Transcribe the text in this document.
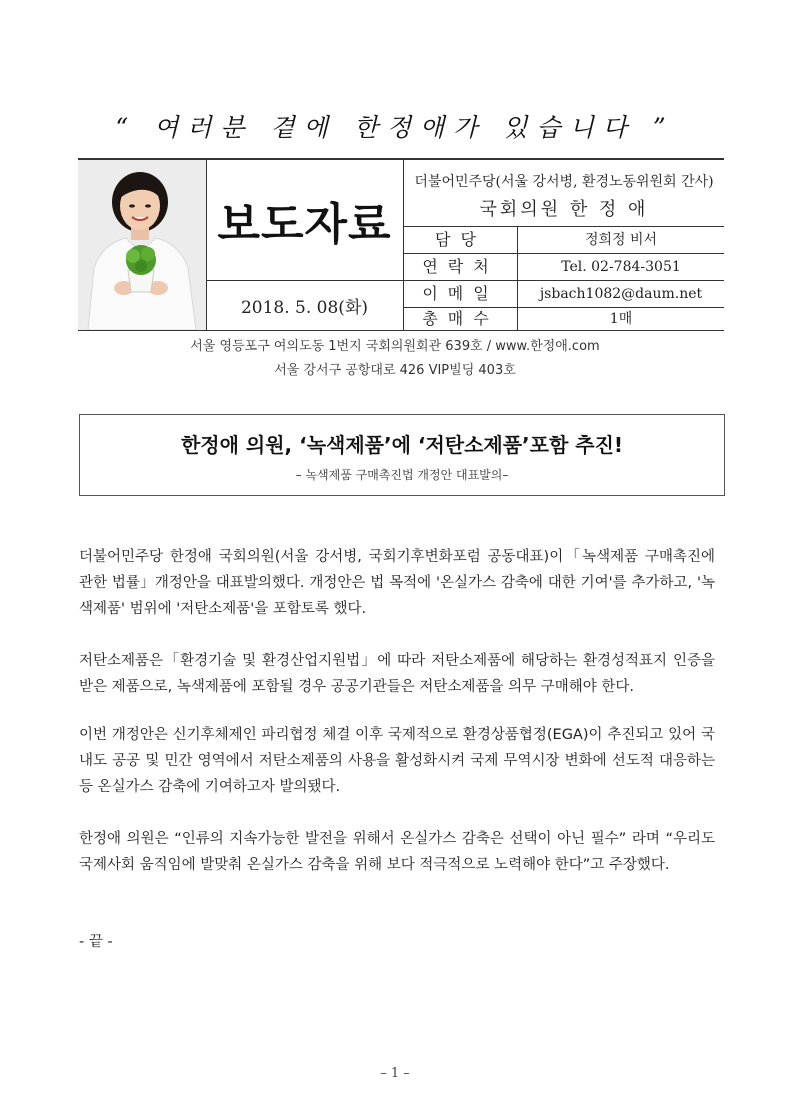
“ 여러분 곁에 한정애가 있습니다 ”
보도자료
2018. 5. 08(화)
더불어민주당(서울 강서병, 환경노동위원회 간사)
국회의원 한 정 애
담당	정희정 비서
연락처	Tel. 02-784-3051
이메일	jsbach1082@daum.net
총매수	1매
서울 영등포구 여의도동 1번지 국회의원회관 639호 / www.한정애.com
서울 강서구 공항대로 426 VIP빌딩 403호
한정애 의원, ‘녹색제품’에 ‘저탄소제품’포함 추진!
– 녹색제품 구매촉진법 개정안 대표발의–

더불어민주당 한정애 국회의원(서울 강서병, 국회기후변화포럼 공동대표)이「녹색제품 구매촉진에 관한 법률」개정안을 대표발의했다. 개정안은 법 목적에 '온실가스 감축에 대한 기여'를 추가하고, '녹색제품' 범위에 '저탄소제품'을 포함토록 했다.

저탄소제품은「환경기술 및 환경산업지원법」에 따라 저탄소제품에 해당하는 환경성적표지 인증을 받은 제품으로, 녹색제품에 포함될 경우 공공기관들은 저탄소제품을 의무 구매해야 한다.

이번 개정안은 신기후체제인 파리협정 체결 이후 국제적으로 환경상품협정(EGA)이 추진되고 있어 국내도 공공 및 민간 영역에서 저탄소제품의 사용을 활성화시켜 국제 무역시장 변화에 선도적 대응하는 등 온실가스 감축에 기여하고자 발의됐다.

한정애 의원은 “인류의 지속가능한 발전을 위해서 온실가스 감축은 선택이 아닌 필수” 라며 “우리도 국제사회 움직임에 발맞춰 온실가스 감축을 위해 보다 적극적으로 노력해야 한다”고 주장했다.

- 끝 -
– 1 –
